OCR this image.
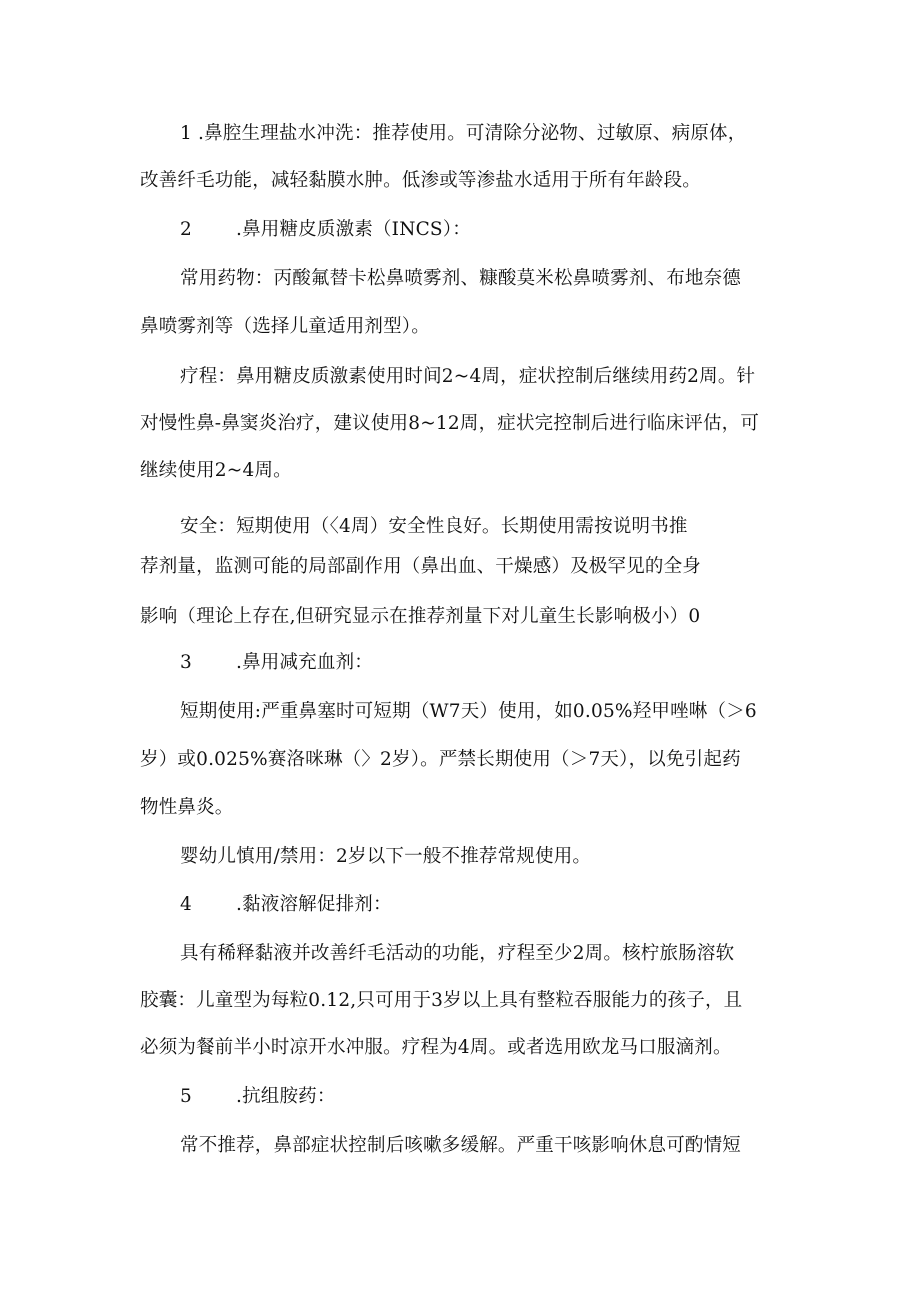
1 .鼻腔生理盐水冲洗：推荐使用。可清除分泌物、过敏原、病原体，
改善纤毛功能，减轻黏膜水肿。低渗或等渗盐水适用于所有年龄段。
2 .鼻用糖皮质激素（INCS）：
常用药物：丙酸氟替卡松鼻喷雾剂、糠酸莫米松鼻喷雾剂、布地奈德
鼻喷雾剂等（选择儿童适用剂型）。
疗程：鼻用糖皮质激素使用时间2~4周，症状控制后继续用药2周。针
对慢性鼻-鼻窦炎治疗，建议使用8~12周，症状完控制后进行临床评估，可
继续使用2~4周。
安全：短期使用（〈4周）安全性良好。长期使用需按说明书推
荐剂量，监测可能的局部副作用（鼻出血、干燥感）及极罕见的全身
影响（理论上存在,但研究显示在推荐剂量下对儿童生长影响极小）0
3 .鼻用减充血剂：
短期使用:严重鼻塞时可短期（W7天）使用，如0.05%羟甲唑啉（＞6
岁）或0.025%赛洛咪琳（〉2岁）。严禁长期使用（＞7天），以免引起药
物性鼻炎。
婴幼儿慎用/禁用：2岁以下一般不推荐常规使用。
4 .黏液溶解促排剂：
具有稀释黏液并改善纤毛活动的功能，疗程至少2周。核柠旅肠溶软
胶囊：儿童型为每粒0.12,只可用于3岁以上具有整粒吞服能力的孩子，且
必须为餐前半小时凉开水冲服。疗程为4周。或者选用欧龙马口服滴剂。
5 .抗组胺药：
常不推荐，鼻部症状控制后咳嗽多缓解。严重干咳影响休息可酌情短
